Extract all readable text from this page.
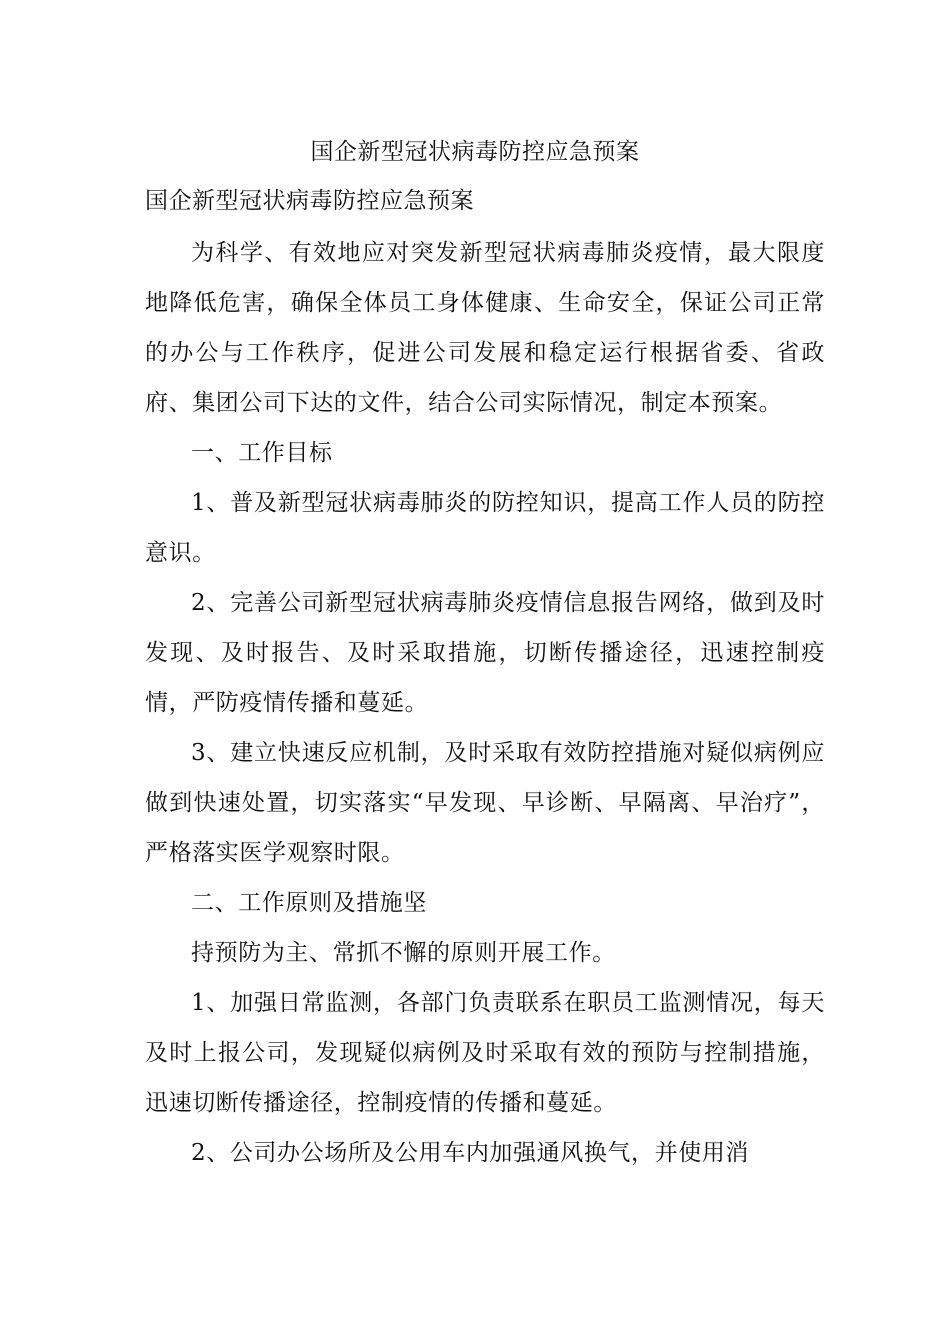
国企新型冠状病毒防控应急预案
国企新型冠状病毒防控应急预案

为科学、有效地应对突发新型冠状病毒肺炎疫情，最大限度地降低危害，确保全体员工身体健康、生命安全，保证公司正常的办公与工作秩序，促进公司发展和稳定运行根据省委、省政府、集团公司下达的文件，结合公司实际情况，制定本预案。

一、工作目标

1、普及新型冠状病毒肺炎的防控知识，提高工作人员的防控意识。

2、完善公司新型冠状病毒肺炎疫情信息报告网络，做到及时发现、及时报告、及时采取措施，切断传播途径，迅速控制疫情，严防疫情传播和蔓延。

3、建立快速反应机制，及时采取有效防控措施对疑似病例应做到快速处置，切实落实“早发现、早诊断、早隔离、早治疗”，严格落实医学观察时限。

二、工作原则及措施坚

持预防为主、常抓不懈的原则开展工作。

1、加强日常监测，各部门负责联系在职员工监测情况，每天及时上报公司，发现疑似病例及时采取有效的预防与控制措施，迅速切断传播途径，控制疫情的传播和蔓延。

2、公司办公场所及公用车内加强通风换气，并使用消
